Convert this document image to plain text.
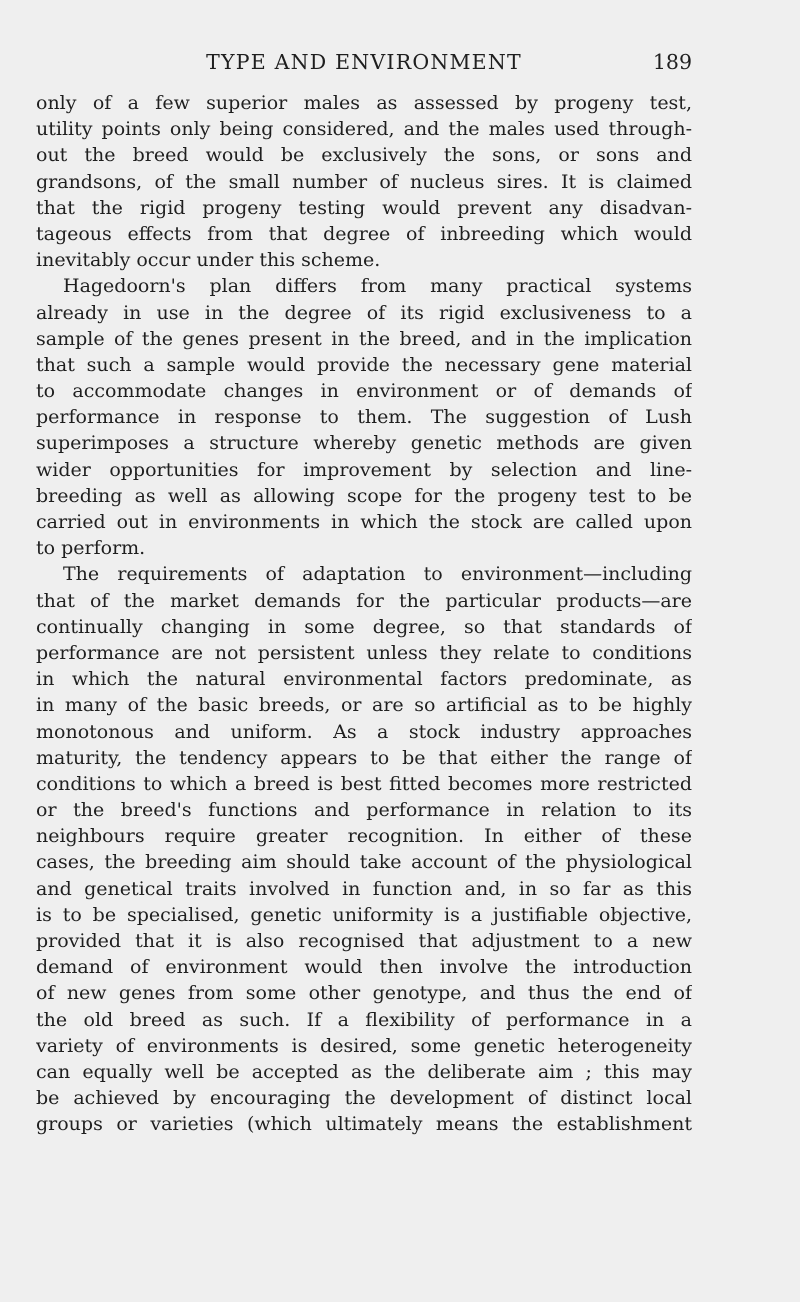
TYPE AND ENVIRONMENT	189
only of a few superior males as assessed by progeny test,
utility points only being considered, and the males used through-
out the breed would be exclusively the sons, or sons and
grandsons, of the small number of nucleus sires. It is claimed
that the rigid progeny testing would prevent any disadvan-
tageous effects from that degree of inbreeding which would
inevitably occur under this scheme.
Hagedoorn's plan differs from many practical systems
already in use in the degree of its rigid exclusiveness to a
sample of the genes present in the breed, and in the implication
that such a sample would provide the necessary gene material
to accommodate changes in environment or of demands of
performance in response to them. The suggestion of Lush
superimposes a structure whereby genetic methods are given
wider opportunities for improvement by selection and line-
breeding as well as allowing scope for the progeny test to be
carried out in environments in which the stock are called upon
to perform.
The requirements of adaptation to environment—including
that of the market demands for the particular products—are
continually changing in some degree, so that standards of
performance are not persistent unless they relate to conditions
in which the natural environmental factors predominate, as
in many of the basic breeds, or are so artificial as to be highly
monotonous and uniform. As a stock industry approaches
maturity, the tendency appears to be that either the range of
conditions to which a breed is best fitted becomes more restricted
or the breed's functions and performance in relation to its
neighbours require greater recognition. In either of these
cases, the breeding aim should take account of the physiological
and genetical traits involved in function and, in so far as this
is to be specialised, genetic uniformity is a justifiable objective,
provided that it is also recognised that adjustment to a new
demand of environment would then involve the introduction
of new genes from some other genotype, and thus the end of
the old breed as such. If a flexibility of performance in a
variety of environments is desired, some genetic heterogeneity
can equally well be accepted as the deliberate aim ; this may
be achieved by encouraging the development of distinct local
groups or varieties (which ultimately means the establishment
